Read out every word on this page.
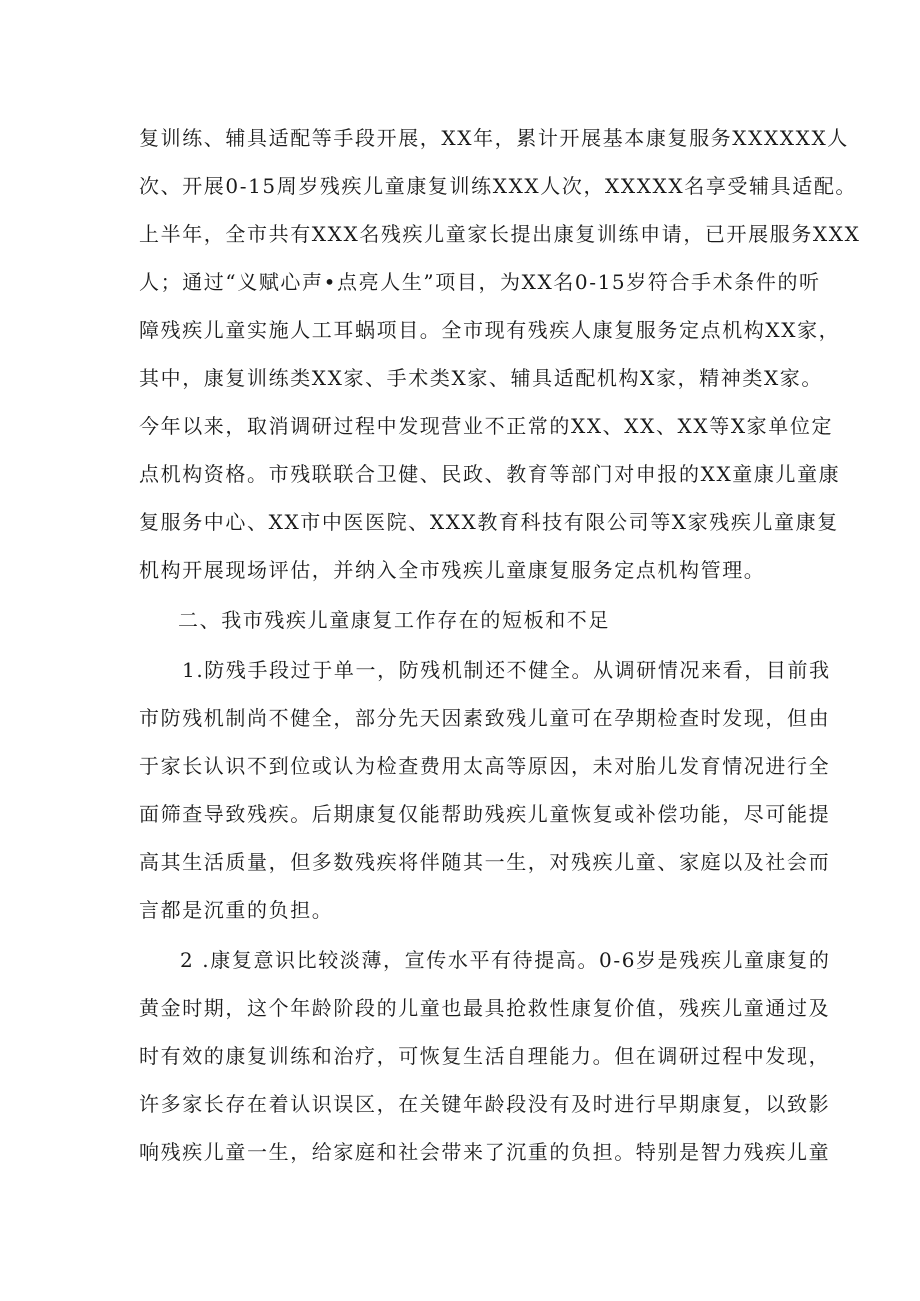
复训练、辅具适配等手段开展，XX年，累计开展基本康复服务XXXXXX人
次、开展0-15周岁残疾儿童康复训练XXX人次，XXXXX名享受辅具适配。
上半年，全市共有XXX名残疾儿童家长提出康复训练申请，已开展服务XXX
人；通过“义赋心声•点亮人生”项目，为XX名0-15岁符合手术条件的听
障残疾儿童实施人工耳蜗项目。全市现有残疾人康复服务定点机构XX家，
其中，康复训练类XX家、手术类X家、辅具适配机构X家，精神类X家。
今年以来，取消调研过程中发现营业不正常的XX、XX、XX等X家单位定
点机构资格。市残联联合卫健、民政、教育等部门对申报的XX童康儿童康
复服务中心、XX市中医医院、XXX教育科技有限公司等X家残疾儿童康复
机构开展现场评估，并纳入全市残疾儿童康复服务定点机构管理。
二、我市残疾儿童康复工作存在的短板和不足
1.防残手段过于单一，防残机制还不健全。从调研情况来看，目前我
市防残机制尚不健全，部分先天因素致残儿童可在孕期检查时发现，但由
于家长认识不到位或认为检查费用太高等原因，未对胎儿发育情况进行全
面筛查导致残疾。后期康复仅能帮助残疾儿童恢复或补偿功能，尽可能提
高其生活质量，但多数残疾将伴随其一生，对残疾儿童、家庭以及社会而
言都是沉重的负担。
2 .康复意识比较淡薄，宣传水平有待提高。0-6岁是残疾儿童康复的
黄金时期，这个年龄阶段的儿童也最具抢救性康复价值，残疾儿童通过及
时有效的康复训练和治疗，可恢复生活自理能力。但在调研过程中发现，
许多家长存在着认识误区，在关键年龄段没有及时进行早期康复，以致影
响残疾儿童一生，给家庭和社会带来了沉重的负担。特别是智力残疾儿童
